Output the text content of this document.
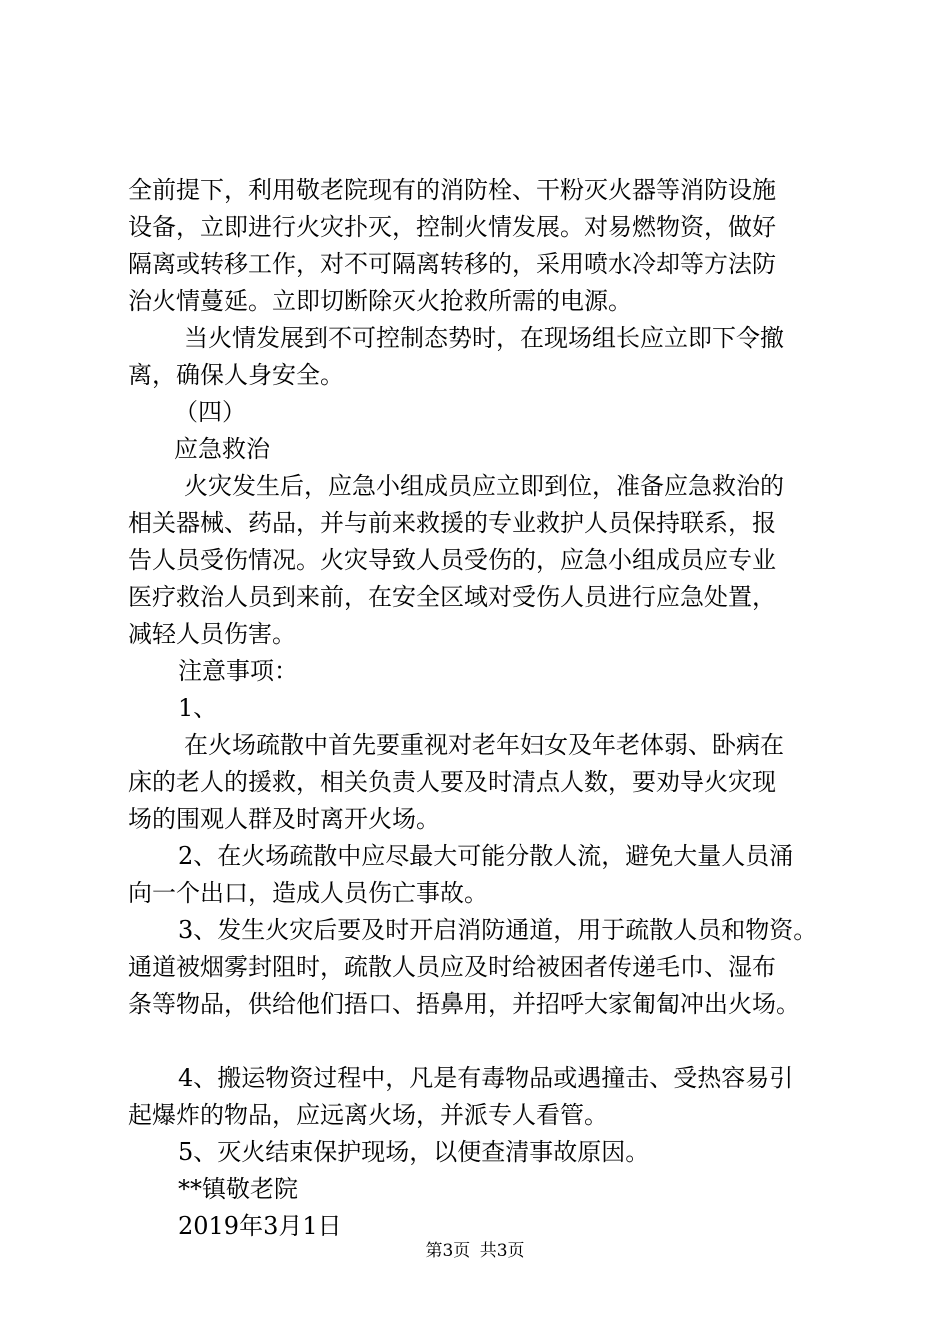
全前提下，利用敬老院现有的消防栓、干粉灭火器等消防设施
设备，立即进行火灾扑灭，控制火情发展。对易燃物资，做好
隔离或转移工作，对不可隔离转移的，采用喷水冷却等方法防
治火情蔓延。立即切断除灭火抢救所需的电源。
当火情发展到不可控制态势时，在现场组长应立即下令撤
离，确保人身安全。
（四）
应急救治
火灾发生后，应急小组成员应立即到位，准备应急救治的
相关器械、药品，并与前来救援的专业救护人员保持联系，报
告人员受伤情况。火灾导致人员受伤的，应急小组成员应专业
医疗救治人员到来前，在安全区域对受伤人员进行应急处置，
减轻人员伤害。
注意事项：
1、
在火场疏散中首先要重视对老年妇女及年老体弱、卧病在
床的老人的援救，相关负责人要及时清点人数，要劝导火灾现
场的围观人群及时离开火场。
2、在火场疏散中应尽最大可能分散人流，避免大量人员涌
向一个出口，造成人员伤亡事故。
3、发生火灾后要及时开启消防通道，用于疏散人员和物资。
通道被烟雾封阻时，疏散人员应及时给被困者传递毛巾、湿布
条等物品，供给他们捂口、捂鼻用，并招呼大家匍匐冲出火场。
4、搬运物资过程中，凡是有毒物品或遇撞击、受热容易引
起爆炸的物品，应远离火场，并派专人看管。
5、灭火结束保护现场，以便查清事故原因。
**镇敬老院
2019年3月1日
第3页 共3页
